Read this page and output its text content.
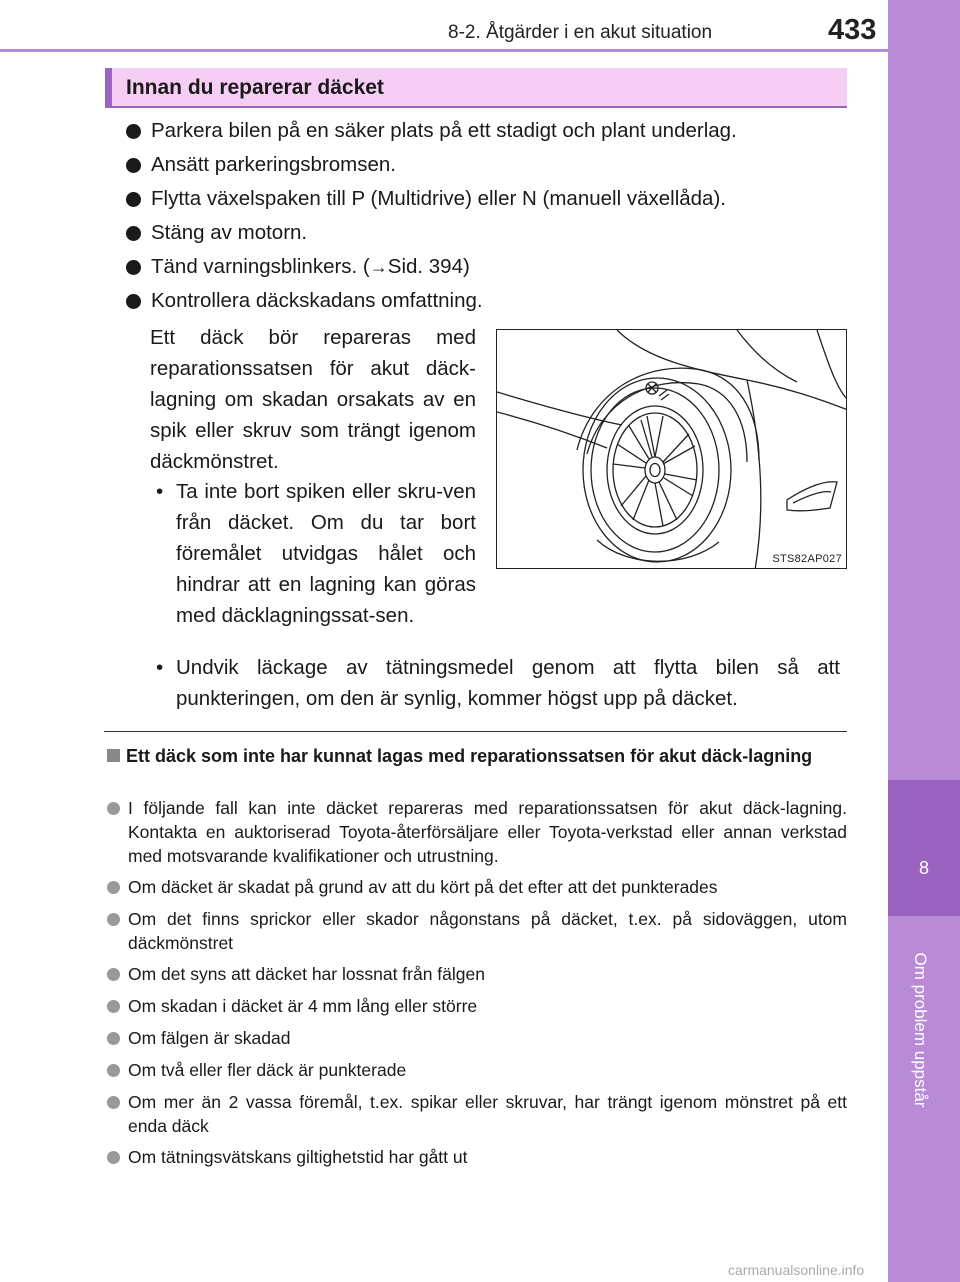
8-2. Åtgärder i en akut situation	433
8
Om problem uppstår
Innan du reparerar däcket
Parkera bilen på en säker plats på ett stadigt och plant underlag.
Ansätt parkeringsbromsen.
Flytta växelspaken till P (Multidrive) eller N (manuell växellåda).
Stäng av motorn.
Tänd varningsblinkers. ( → Sid. 394)
Kontrollera däckskadans omfattning.
Ett däck bör repareras med reparationssatsen för akut däck-lagning om skadan orsakats av en spik eller skruv som trängt igenom däckmönstret.
• Ta inte bort spiken eller skru-ven från däcket. Om du tar bort föremålet utvidgas hålet och hindrar att en lagning kan göras med däcklagningssat-sen.
• Undvik läckage av tätningsmedel genom att flytta bilen så att punkteringen, om den är synlig, kommer högst upp på däcket.
STS82AP027
Ett däck som inte har kunnat lagas med reparationssatsen för akut däck-lagning
I följande fall kan inte däcket repareras med reparationssatsen för akut däck-lagning. Kontakta en auktoriserad Toyota-återförsäljare eller Toyota-verkstad eller annan verkstad med motsvarande kvalifikationer och utrustning.
Om däcket är skadat på grund av att du kört på det efter att det punkterades
Om det finns sprickor eller skador någonstans på däcket, t.ex. på sidoväggen, utom däckmönstret
Om det syns att däcket har lossnat från fälgen
Om skadan i däcket är 4 mm lång eller större
Om fälgen är skadad
Om två eller fler däck är punkterade
Om mer än 2 vassa föremål, t.ex. spikar eller skruvar, har trängt igenom mönstret på ett enda däck
Om tätningsvätskans giltighetstid har gått ut
carmanualsonline.info
